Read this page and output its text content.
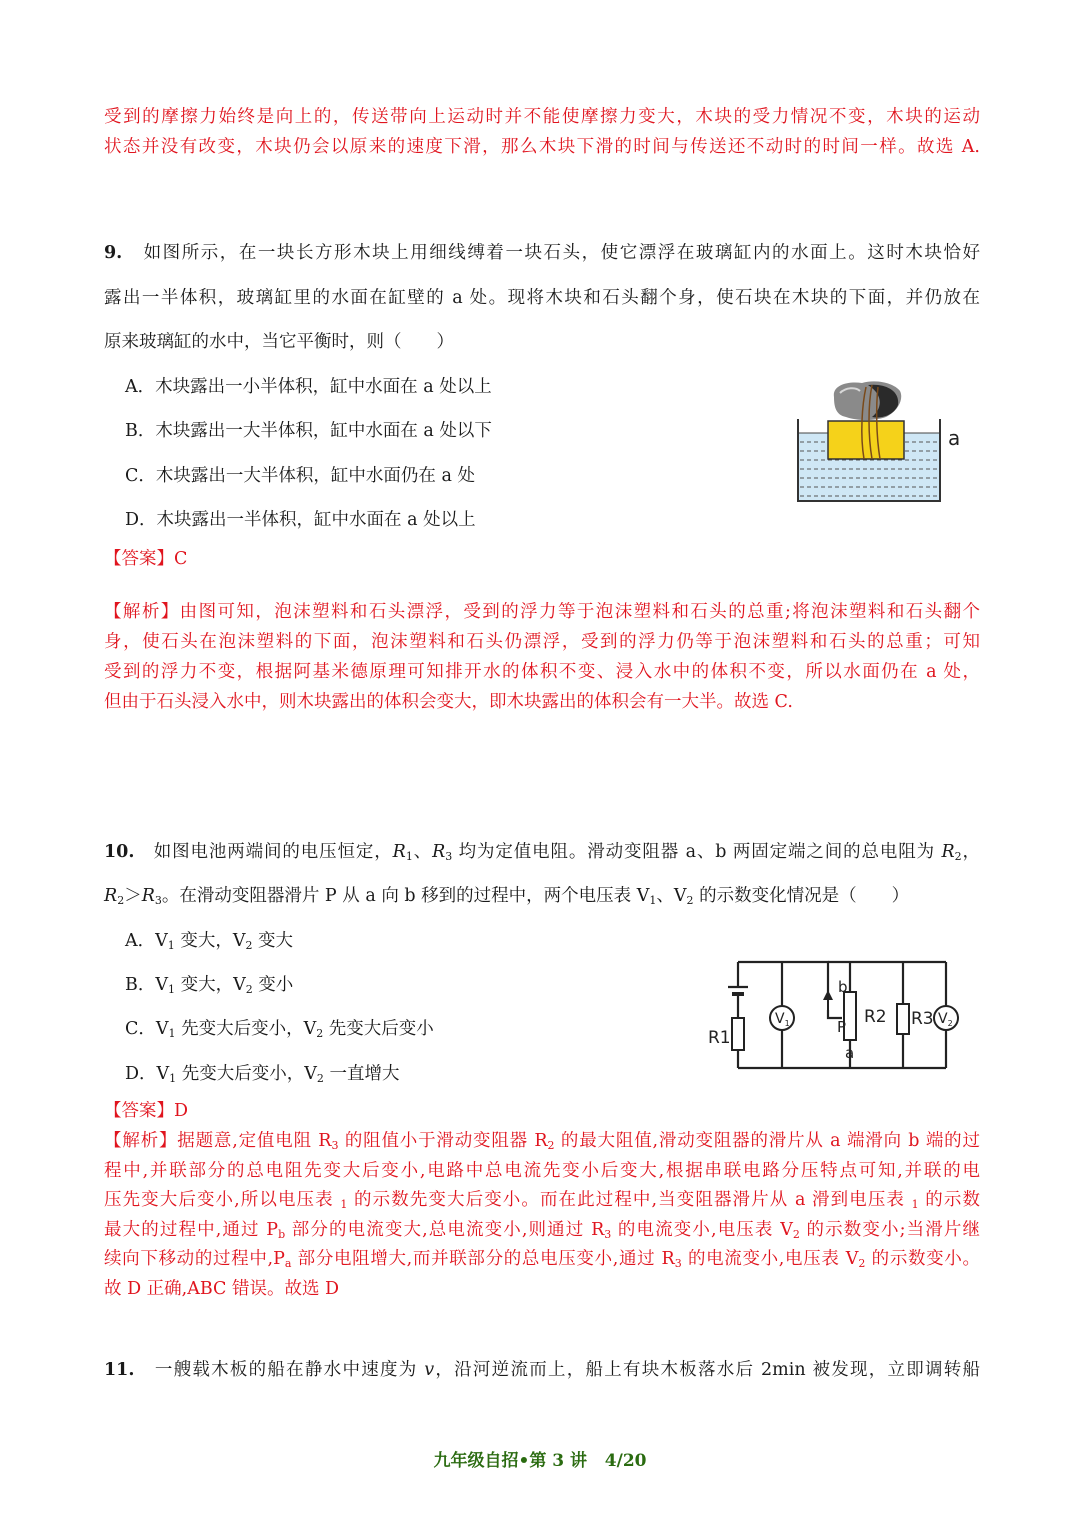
受到的摩擦力始终是向上的，传送带向上运动时并不能使摩擦力变大，木块的受力情况不变，木块的运动
状态并没有改变，木块仍会以原来的速度下滑，那么木块下滑的时间与传送还不动时的时间一样。故选 A.
9. 如图所示，在一块长方形木块上用细线缚着一块石头，使它漂浮在玻璃缸内的水面上。这时木块恰好
露出一半体积，玻璃缸里的水面在缸壁的 a 处。现将木块和石头翻个身，使石块在木块的下面，并仍放在
原来玻璃缸的水中，当它平衡时，则（　　）
A．木块露出一小半体积，缸中水面在 a 处以上
B．木块露出一大半体积，缸中水面在 a 处以下
C．木块露出一大半体积，缸中水面仍在 a 处
D．木块露出一半体积，缸中水面在 a 处以上
a
【答案】C
【解析】由图可知，泡沫塑料和石头漂浮，受到的浮力等于泡沫塑料和石头的总重;将泡沫塑料和石头翻个
身，使石头在泡沫塑料的下面，泡沫塑料和石头仍漂浮，受到的浮力仍等于泡沫塑料和石头的总重；可知
受到的浮力不变，根据阿基米德原理可知排开水的体积不变、浸入水中的体积不变，所以水面仍在 a 处，
但由于石头浸入水中，则木块露出的体积会变大，即木块露出的体积会有一大半。故选 C.
10. 如图电池两端间的电压恒定，$R_1$、$R_3$ 均为定值电阻。滑动变阻器 a、b 两固定端之间的总电阻为 $R_2$，
$R_2>R_3$。在滑动变阻器滑片 P 从 a 向 b 移到的过程中，两个电压表 $V_1$、$V_2$ 的示数变化情况是（　　）
A．$V_1$ 变大，$V_2$ 变大
B．$V_1$ 变大，$V_2$ 变小
C．$V_1$ 先变大后变小，$V_2$ 先变大后变小
D．$V_1$ 先变大后变小，$V_2$ 一直增大
R1
$V_1$
b
R2
P
a
R3 $V_2$
【答案】D
【解析】据题意,定值电阻 $R_3$ 的阻值小于滑动变阻器 $R_2$ 的最大阻值,滑动变阻器的滑片从 a 端滑向 b 端的过
程中,并联部分的总电阻先变大后变小,电路中总电流先变小后变大,根据串联电路分压特点可知,并联的电
压先变大后变小,所以电压表 $_1$ 的示数先变大后变小。而在此过程中,当变阻器滑片从 a 滑到电压表 $_1$ 的示数
最大的过程中,通过 $P_b$ 部分的电流变大,总电流变小,则通过 $R_3$ 的电流变小,电压表 $V_2$ 的示数变小;当滑片继
续向下移动的过程中$,P_a$ 部分电阻增大,而并联部分的总电压变小,通过 $R_3$ 的电流变小,电压表 $V_2$ 的示数变小。
故 D 正确,ABC 错误。故选 D
11. 一艘载木板的船在静水中速度为 v，沿河逆流而上，船上有块木板落水后 2min 被发现，立即调转船
九年级自招•第 3 讲 4/20
